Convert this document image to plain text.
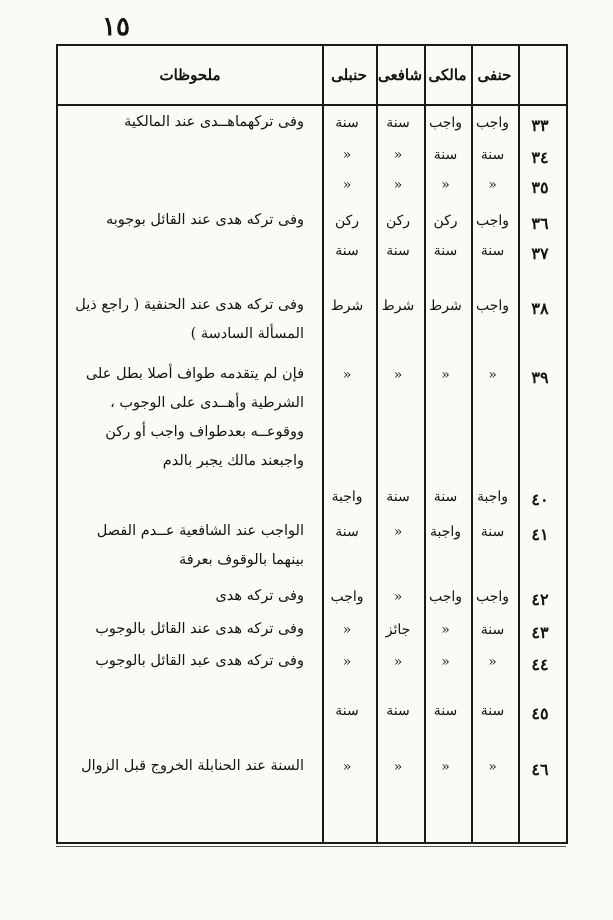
١٥
حنفى
مالكى
شافعى
حنبلى
ملحوظات
٣٣
واجب
واجب
سنة
سنة
وفى تركهماهــدى عند المالكية
٣٤
سنة
سنة
»
»
٣٥
»
»
»
»
٣٦
واجب
ركن
ركن
ركن
وفى تركه هدى عند القائل بوجوبه
٣٧
سنة
سنة
سنة
سنة
٣٨
واجب
شرط
شرط
شرط
وفى تركه هدى عند الحنفية ( راجع ذيل المسألة السادسة )
٣٩
»
»
»
»
فإن لم يتقدمه طواف أصلا بطل على الشرطية وأهــدى على الوجوب ، ووقوعــه بعدطواف واجب أو ركن واجبعند مالك يجبر بالدم
٤٠
واجبة
سنة
سنة
واجبة
٤١
سنة
واجبة
»
سنة
الواجب عند الشافعية عــدم الفصل بينهما بالوقوف بعرفة
٤٢
واجب
واجب
»
واجب
وفى تركه هدى
٤٣
سنة
»
جائز
»
وفى تركه هدى عند القائل بالوجوب
٤٤
»
»
»
»
وفى تركه هدى عبد القائل بالوجوب
٤٥
سنة
سنة
سنة
سنة
٤٦
»
»
»
»
السنة عند الحنابلة الخروج قبل الزوال
